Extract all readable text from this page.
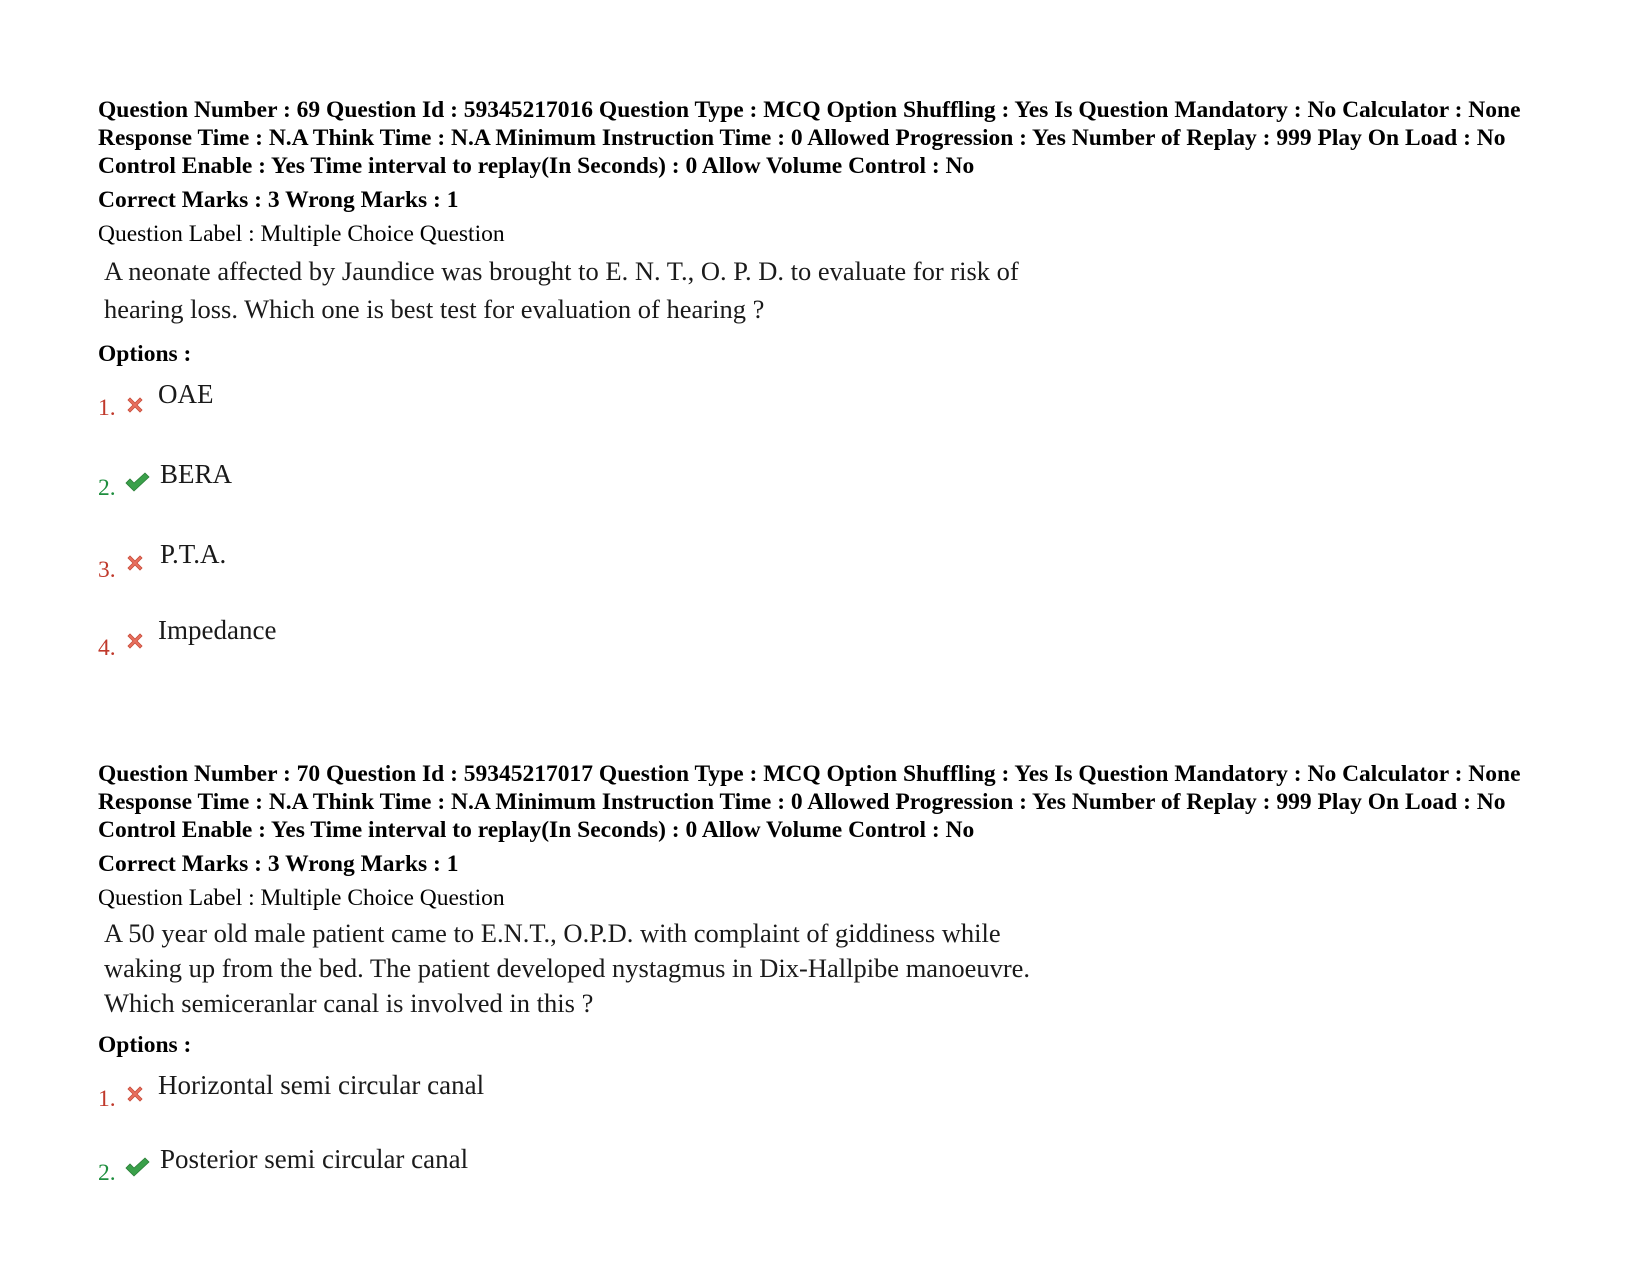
Question Number : 69 Question Id : 59345217016 Question Type : MCQ Option Shuffling : Yes Is Question Mandatory : No Calculator : None Response Time : N.A Think Time : N.A Minimum Instruction Time : 0 Allowed Progression : Yes Number of Replay : 999 Play On Load : No Control Enable : Yes Time interval to replay(In Seconds) : 0 Allow Volume Control : No

Correct Marks : 3 Wrong Marks : 1
Question Label : Multiple Choice Question
A neonate affected by Jaundice was brought to E. N. T., O. P. D. to evaluate for risk of
hearing loss. Which one is best test for evaluation of hearing ?
Options :
1. OAE
2. BERA
3.
P.T.A.
4.
Impedance

Question Number : 70 Question Id : 59345217017 Question Type : MCQ Option Shuffling : Yes Is Question Mandatory : No Calculator : None Response Time : N.A Think Time : N.A Minimum Instruction Time : 0 Allowed Progression : Yes Number of Replay : 999 Play On Load : No Control Enable : Yes Time interval to replay(In Seconds) : 0 Allow Volume Control : No

Correct Marks : 3 Wrong Marks : 1
Question Label : Multiple Choice Question
A 50 year old male patient came to E.N.T., O.P.D. with complaint of giddiness while
waking up from the bed. The patient developed nystagmus in Dix-Hallpibe manoeuvre.
Which semiceranlar canal is involved in this ?
Options :
1. Horizontal semi circular canal
2. Posterior semi circular canal
